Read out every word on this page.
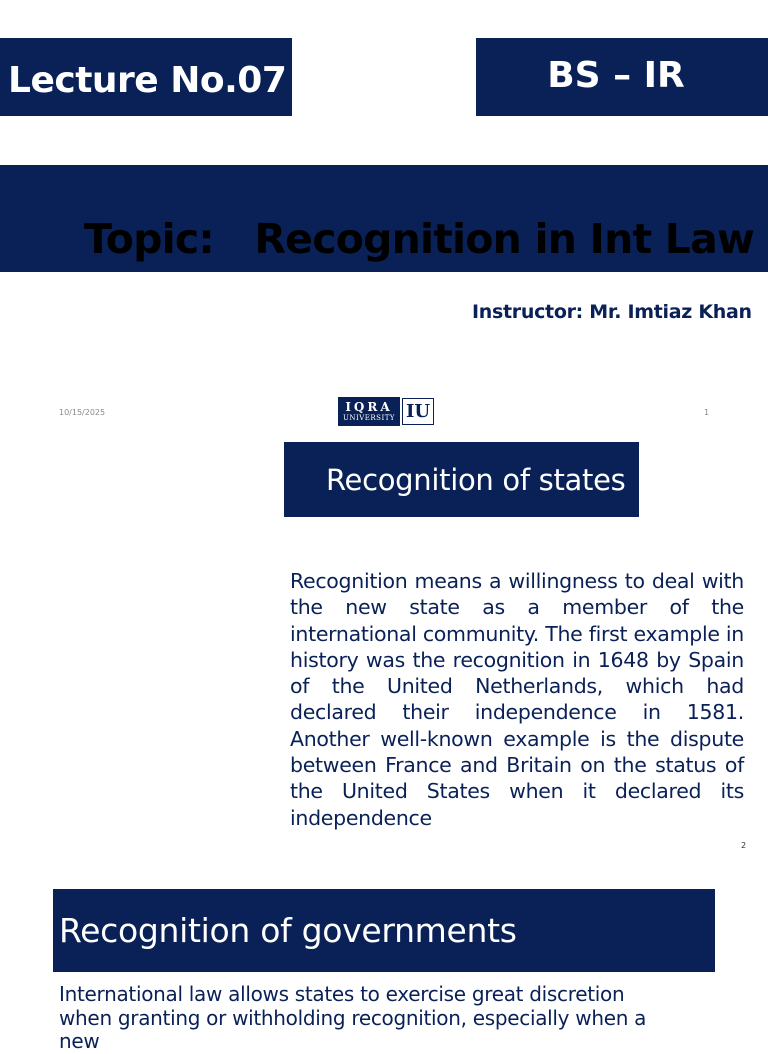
Lecture No.07	BS – IR
Topic:   Recognition in Int Law
Instructor: Mr. Imtiaz Khan
10/15/2025	IQRA
UNIVERSITY IU	1
Recognition of states
Recognition means a willingness to deal with the new state as a member of the international community. The first example in history was the recognition in 1648 by Spain of the United Netherlands, which had declared their independence in 1581. Another well-known example is the dispute between France and Britain on the status of the United States when it declared its independence
2
Recognition of governments
International law allows states to exercise great discretion when granting or withholding recognition, especially when a new
